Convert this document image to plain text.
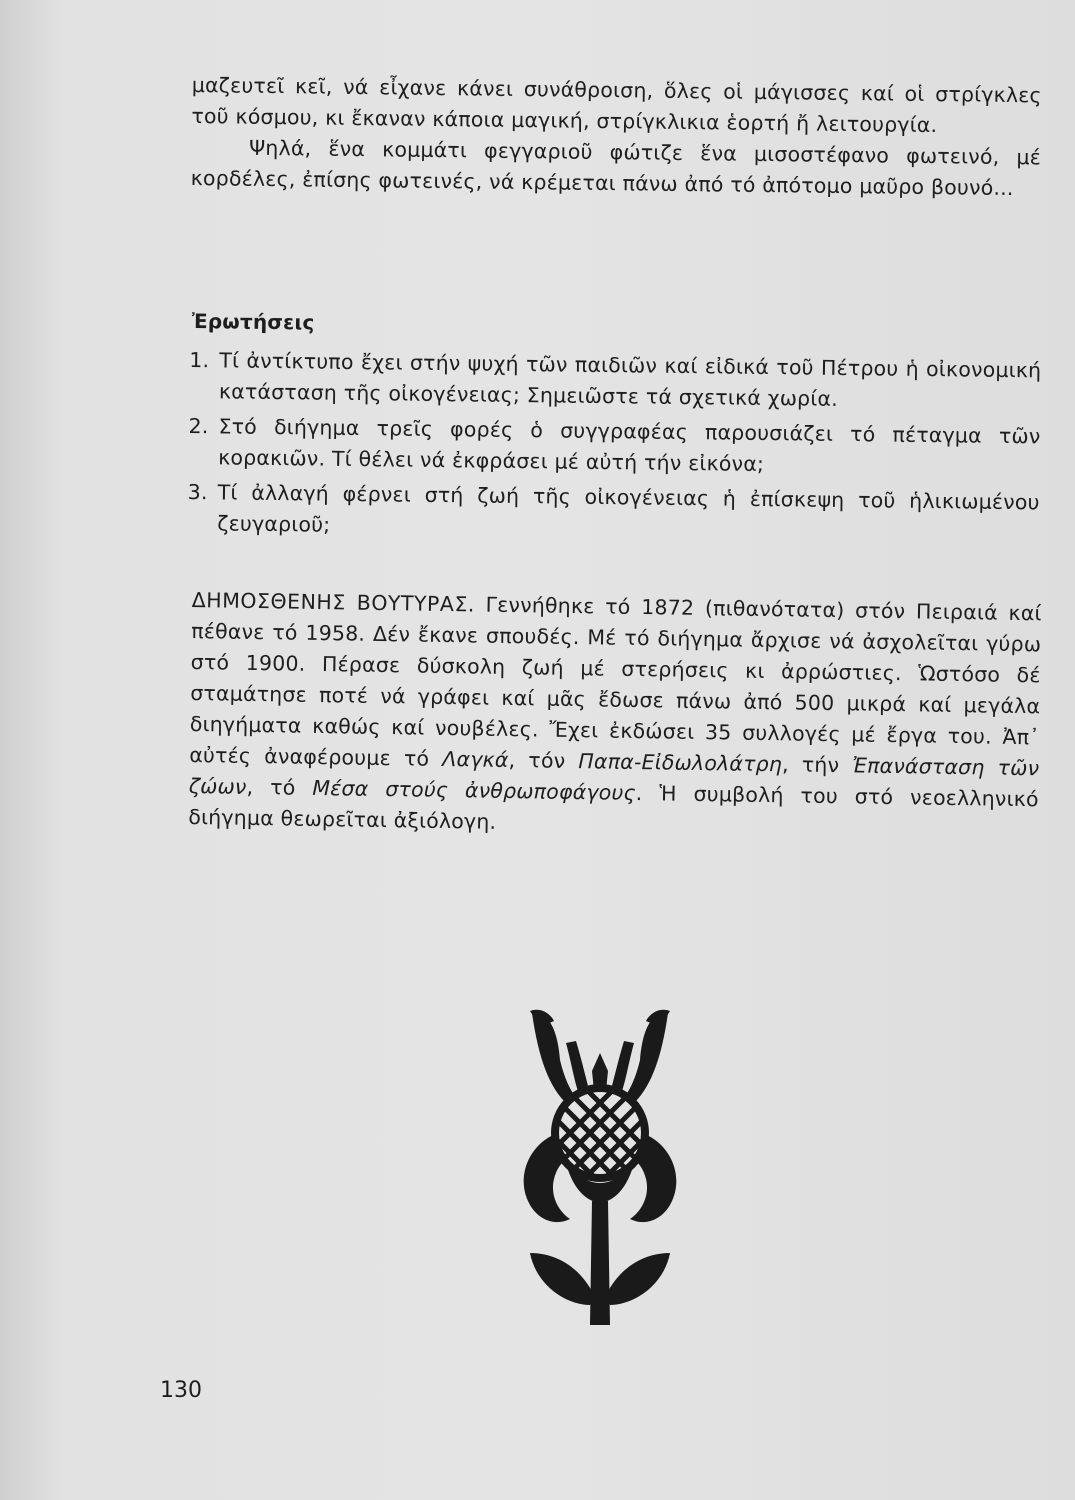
μαζευτεῖ κεῖ, νά εἶχανε κάνει συνάθροιση, ὅλες οἱ μάγισσες καί οἱ στρίγκλες τοῦ κόσμου, κι ἔκαναν κάποια μαγική, στρίγκλικια ἑορτή ἤ λειτουργία.

Ψηλά, ἕνα κομμάτι φεγγαριοῦ φώτιζε ἕνα μισοστέφανο φωτεινό, μέ κορδέλες, ἐπίσης φωτεινές, νά κρέμεται πάνω ἀπό τό ἀπότομο μαῦρο βουνό...

Ἐρωτήσεις

1. Τί ἀντίκτυπο ἔχει στήν ψυχή τῶν παιδιῶν καί εἰδικά τοῦ Πέτρου ἡ οἰκονομική κατάσταση τῆς οἰκογένειας; Σημειῶστε τά σχετικά χωρία.
2. Στό διήγημα τρεῖς φορές ὁ συγγραφέας παρουσιάζει τό πέταγμα τῶν κορακιῶν. Τί θέλει νά ἐκφράσει μέ αὐτή τήν εἰκόνα;
3. Τί ἀλλαγή φέρνει στή ζωή τῆς οἰκογένειας ἡ ἐπίσκεψη τοῦ ἡλικιωμένου ζευγαριοῦ;

ΔΗΜΟΣΘΕΝΗΣ ΒΟΥΤΥΡΑΣ. Γεννήθηκε τό 1872 (πιθανότατα) στόν Πειραιά καί πέθανε τό 1958. Δέν ἔκανε σπουδές. Μέ τό διήγημα ἄρχισε νά ἀσχολεῖται γύρω στό 1900. Πέρασε δύσκολη ζωή μέ στερήσεις κι ἀρρώστιες. Ὡστόσο δέ σταμάτησε ποτέ νά γράφει καί μᾶς ἔδωσε πάνω ἀπό 500 μικρά καί μεγάλα διηγήματα καθώς καί νουβέλες. Ἔχει ἐκδώσει 35 συλλογές μέ ἔργα του. Ἀπ᾿ αὐτές ἀναφέρουμε τό Λαγκά, τόν Παπα-Εἰδωλολάτρη, τήν Ἐπανάσταση τῶν ζώων, τό Μέσα στούς ἀνθρωποφάγους. Ἡ συμβολή του στό νεοελληνικό διήγημα θεωρεῖται ἀξιόλογη.

130
